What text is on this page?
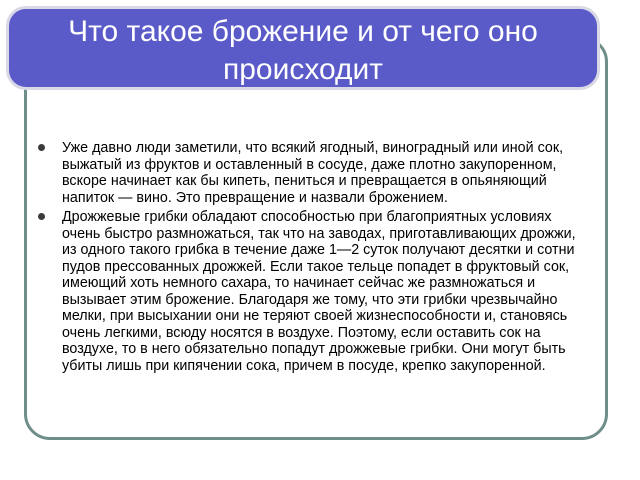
Что такое брожение и от чего оно
происходит
Уже давно люди заметили, что всякий ягодный, виноградный или иной сок, выжатый из фруктов и оставленный в сосуде, даже плотно закупоренном, вскоре начинает как бы кипеть, пениться и превращается в опьяняющий напиток — вино. Это превращение и назвали брожением.
Дрожжевые грибки обладают способностью при благоприятных условиях очень быстро размножаться, так что на заводах, приготавливающих дрожжи, из одного такого грибка в течение даже 1—2 суток получают десятки и сотни пудов прессованных дрожжей. Если такое тельце попадет в фруктовый сок, имеющий хоть немного сахара, то начинает сейчас же размножаться и вызывает этим брожение. Благодаря же тому, что эти грибки чрезвычайно мелки, при высыхании они не теряют своей жизнеспособности и, становясь очень легкими, всюду носятся в воздухе. Поэтому, если оставить сок на воздухе, то в него обязательно попадут дрожжевые грибки. Они могут быть убиты лишь при кипячении сока, причем в посуде, крепко закупоренной.
